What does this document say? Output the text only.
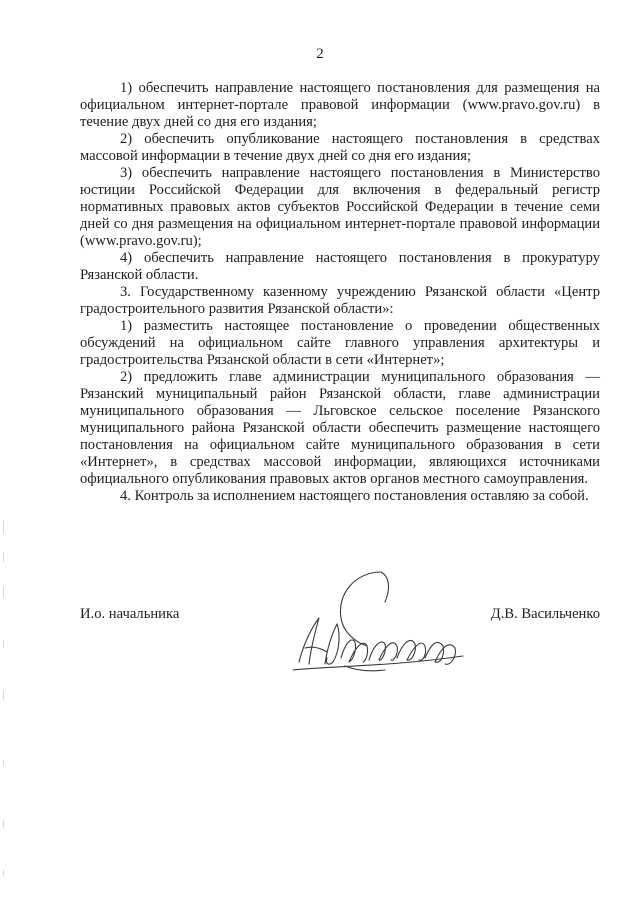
2

1) обеспечить направление настоящего постановления для размещения на официальном интернет-портале правовой информации (www.pravo.gov.ru) в течение двух дней со дня его издания;

2) обеспечить опубликование настоящего постановления в средствах массовой информации в течение двух дней со дня его издания;

3) обеспечить направление настоящего постановления в Министерство юстиции Российской Федерации для включения в федеральный регистр нормативных правовых актов субъектов Российской Федерации в течение семи дней со дня размещения на официальном интернет-портале правовой информации (www.pravo.gov.ru);

4) обеспечить направление настоящего постановления в прокуратуру Рязанской области.

3. Государственному казенному учреждению Рязанской области «Центр градостроительного развития Рязанской области»:

1) разместить настоящее постановление о проведении общественных обсуждений на официальном сайте главного управления архитектуры и градостроительства Рязанской области в сети «Интернет»;

2) предложить главе администрации муниципального образования — Рязанский муниципальный район Рязанской области, главе администрации муниципального образования — Льговское сельское поселение Рязанского муниципального района Рязанской области обеспечить размещение настоящего постановления на официальном сайте муниципального образования в сети «Интернет», в средствах массовой информации, являющихся источниками официального опубликования правовых актов органов местного самоуправления.

4. Контроль за исполнением настоящего постановления оставляю за собой.

И.о. начальника	Д.В. Васильченко
